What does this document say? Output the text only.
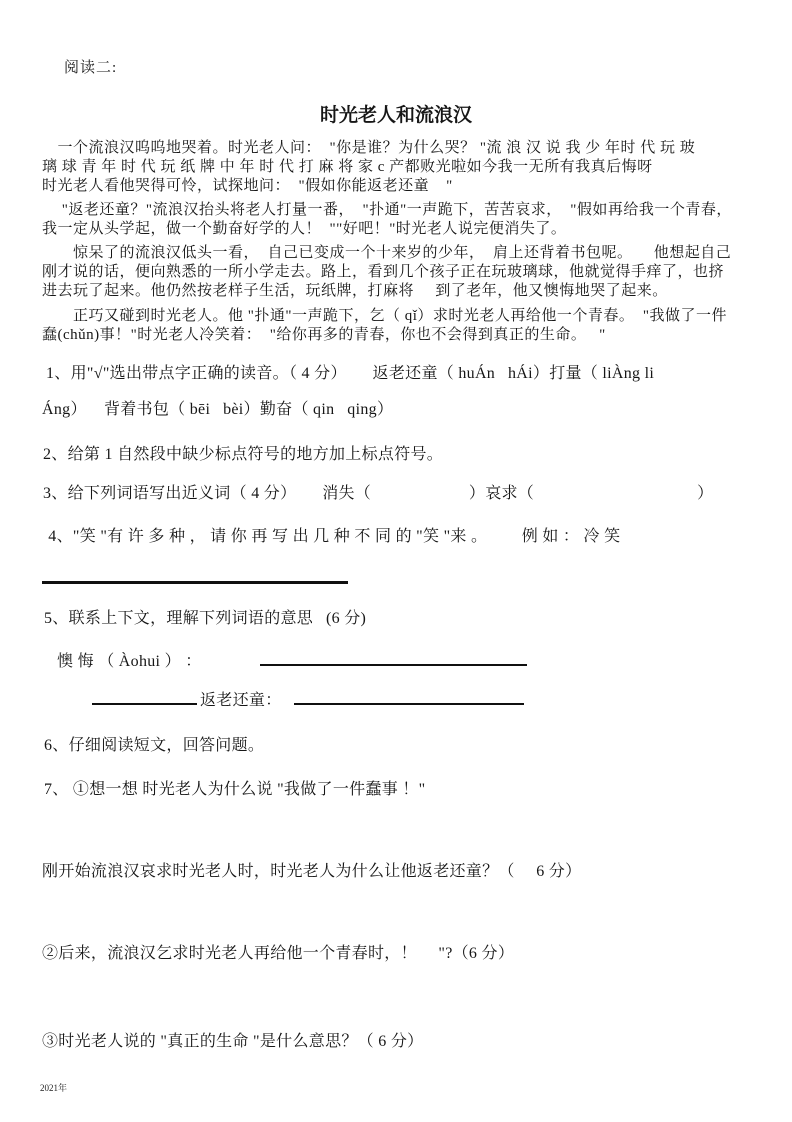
阅读二:
时光老人和流浪汉
　一个流浪汉呜呜地哭着。时光老人问：  "你是谁？为什么哭？ "流 浪 汉 说 我 少 年时 代 玩 玻
璃 球 青 年 时 代 玩 纸 牌 中 年 时 代 打 麻 将 家 c 产都败光啦如今我一无所有我真后悔呀
时光老人看他哭得可怜，试探地问：  "假如你能返老还童    "
　 "返老还童？"流浪汉抬头将老人打量一番，  "扑通"一声跪下，苦苦哀求，  "假如再给我一个青春，
我一定从头学起，做一个勤奋好学的人！  ""好吧！"时光老人说完便消失了。
　　惊呆了的流浪汉低头一看，  自己已变成一个十来岁的少年，  肩上还背着书包呢。     他想起自己
刚才说的话，便向熟悉的一所小学走去。路上，看到几个孩子正在玩玻璃球，他就觉得手痒了，也挤
进去玩了起来。他仍然按老样子生活，玩纸牌，打麻将     到了老年，他又懊悔地哭了起来。
　　正巧又碰到时光老人。他 "扑通"一声跪下，乞（ qǐ）求时光老人再给他一个青春。  "我做了一件
蠢(chǔn)事！"时光老人冷笑着：  "给你再多的青春，你也不会得到真正的生命。   "
1、用"√"选出带点字正确的读音。（ 4 分）      返老还童（ huÁn   hÁi）打量（ liÀng li
Áng）    背着书包（ bēi   bèi）勤奋（ qin   qing）
2、给第 1 自然段中缺少标点符号的地方加上标点符号。
3、给下列词语写出近义词（ 4 分）      消失（　　　　　　）哀求（　　　　　　　　　　）
4、"笑 "有 许 多 种 ， 请 你 再 写 出 几 种 不 同 的 "笑 "来 。        例 如 ： 冷 笑
5、联系上下文，理解下列词语的意思   (6 分)
懊 悔 （ Àohui ） ：
返老还童：
6、仔细阅读短文，回答问题。
7、 ①想一想 时光老人为什么说 "我做了一件蠢事 ！"
刚开始流浪汉哀求时光老人时，时光老人为什么让他返老还童？（     6 分）
②后来，流浪汉乞求时光老人再给他一个青春时，！     "?（6 分）
③时光老人说的 "真正的生命 "是什么意思？（ 6 分）
2021年
